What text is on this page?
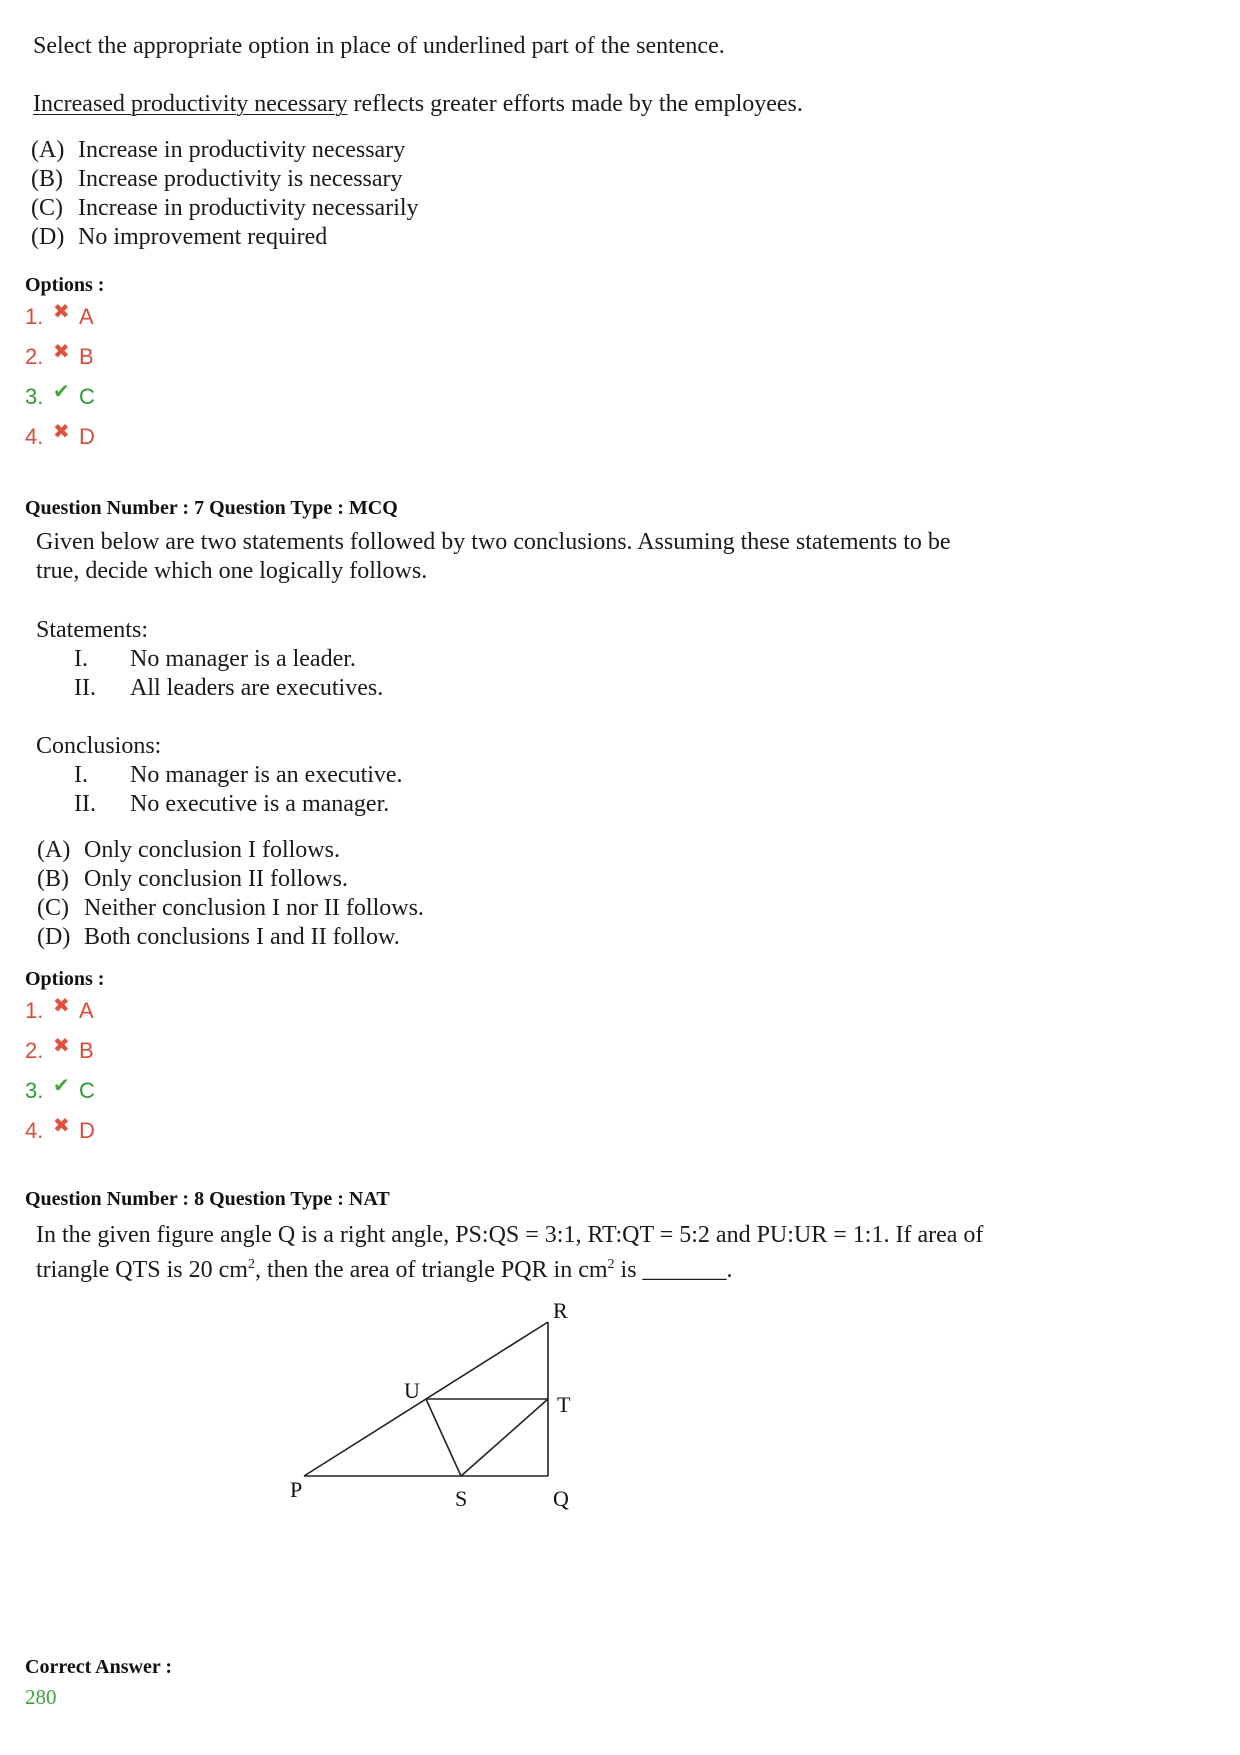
Select the appropriate option in place of underlined part of the sentence.
Increased productivity necessary reflects greater efforts made by the employees.
(A) Increase in productivity necessary
(B) Increase productivity is necessary
(C) Increase in productivity necessarily
(D) No improvement required
Options :
1. ✖ A
2. ✖ B
3. ✔ C
4. ✖ D
Question Number : 7 Question Type : MCQ
Given below are two statements followed by two conclusions. Assuming these statements to be
true, decide which one logically follows.
Statements:
I. No manager is a leader.
II. All leaders are executives.
Conclusions:
I. No manager is an executive.
II. No executive is a manager.
(A) Only conclusion I follows.
(B) Only conclusion II follows.
(C) Neither conclusion I nor II follows.
(D) Both conclusions I and II follow.
Options :
1. ✖ A
2. ✖ B
3. ✔ C
4. ✖ D
Question Number : 8 Question Type : NAT
In the given figure angle Q is a right angle, PS:QS = 3:1, RT:QT = 5:2 and PU:UR = 1:1. If area of
triangle QTS is 20 $cm^2$, then the area of triangle PQR in $cm^2$ is _______.
R
U
T
P	S	Q
Correct Answer :
280
